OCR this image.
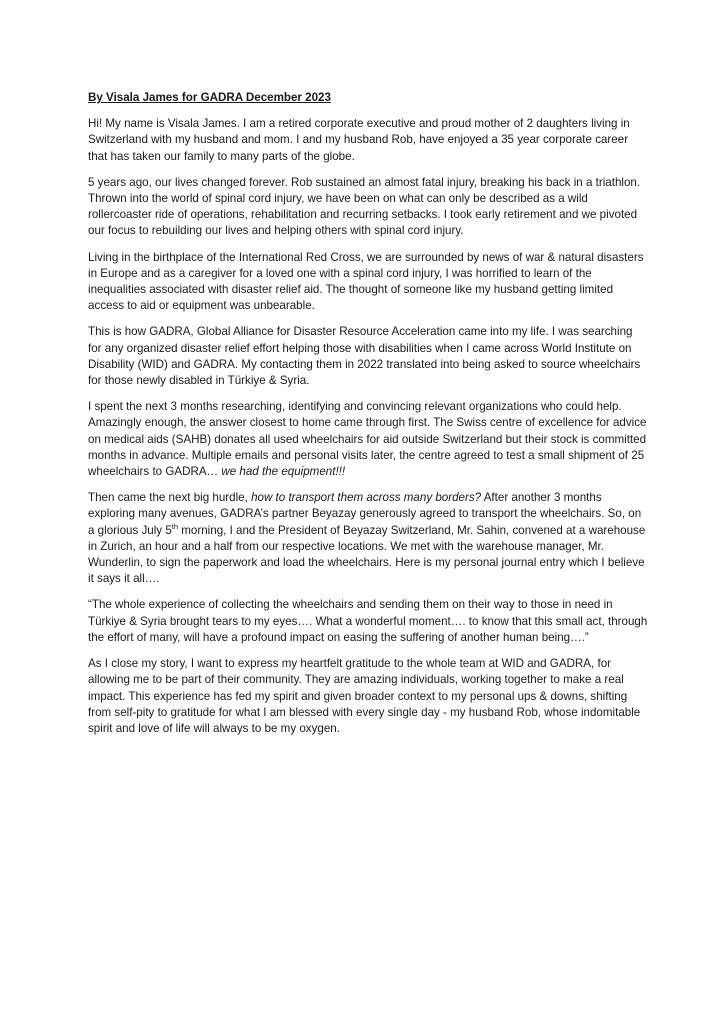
By Visala James for GADRA December 2023

Hi! My name is Visala James. I am a retired corporate executive and proud mother of 2 daughters living in Switzerland with my husband and mom. I and my husband Rob, have enjoyed a 35 year corporate career that has taken our family to many parts of the globe.

5 years ago, our lives changed forever. Rob sustained an almost fatal injury, breaking his back in a triathlon. Thrown into the world of spinal cord injury, we have been on what can only be described as a wild rollercoaster ride of operations, rehabilitation and recurring setbacks. I took early retirement and we pivoted our focus to rebuilding our lives and helping others with spinal cord injury.

Living in the birthplace of the International Red Cross, we are surrounded by news of war & natural disasters in Europe and as a caregiver for a loved one with a spinal cord injury, I was horrified to learn of the inequalities associated with disaster relief aid. The thought of someone like my husband getting limited access to aid or equipment was unbearable.

This is how GADRA, Global Alliance for Disaster Resource Acceleration came into my life. I was searching for any organized disaster relief effort helping those with disabilities when I came across World Institute on Disability (WID) and GADRA. My contacting them in 2022 translated into being asked to source wheelchairs for those newly disabled in Türkiye & Syria.

I spent the next 3 months researching, identifying and convincing relevant organizations who could help. Amazingly enough, the answer closest to home came through first. The Swiss centre of excellence for advice on medical aids (SAHB) donates all used wheelchairs for aid outside Switzerland but their stock is committed months in advance. Multiple emails and personal visits later, the centre agreed to test a small shipment of 25 wheelchairs to GADRA… we had the equipment!!!

Then came the next big hurdle, how to transport them across many borders? After another 3 months exploring many avenues, GADRA’s partner Beyazay generously agreed to transport the wheelchairs. So, on a glorious July 5th morning, I and the President of Beyazay Switzerland, Mr. Sahin, convened at a warehouse in Zurich, an hour and a half from our respective locations. We met with the warehouse manager, Mr. Wunderlin, to sign the paperwork and load the wheelchairs. Here is my personal journal entry which I believe it says it all….

“The whole experience of collecting the wheelchairs and sending them on their way to those in need in Türkiye & Syria brought tears to my eyes…. What a wonderful moment…. to know that this small act, through the effort of many, will have a profound impact on easing the suffering of another human being….”

As I close my story, I want to express my heartfelt gratitude to the whole team at WID and GADRA, for allowing me to be part of their community. They are amazing individuals, working together to make a real impact. This experience has fed my spirit and given broader context to my personal ups & downs, shifting from self-pity to gratitude for what I am blessed with every single day - my husband Rob, whose indomitable spirit and love of life will always to be my oxygen.
